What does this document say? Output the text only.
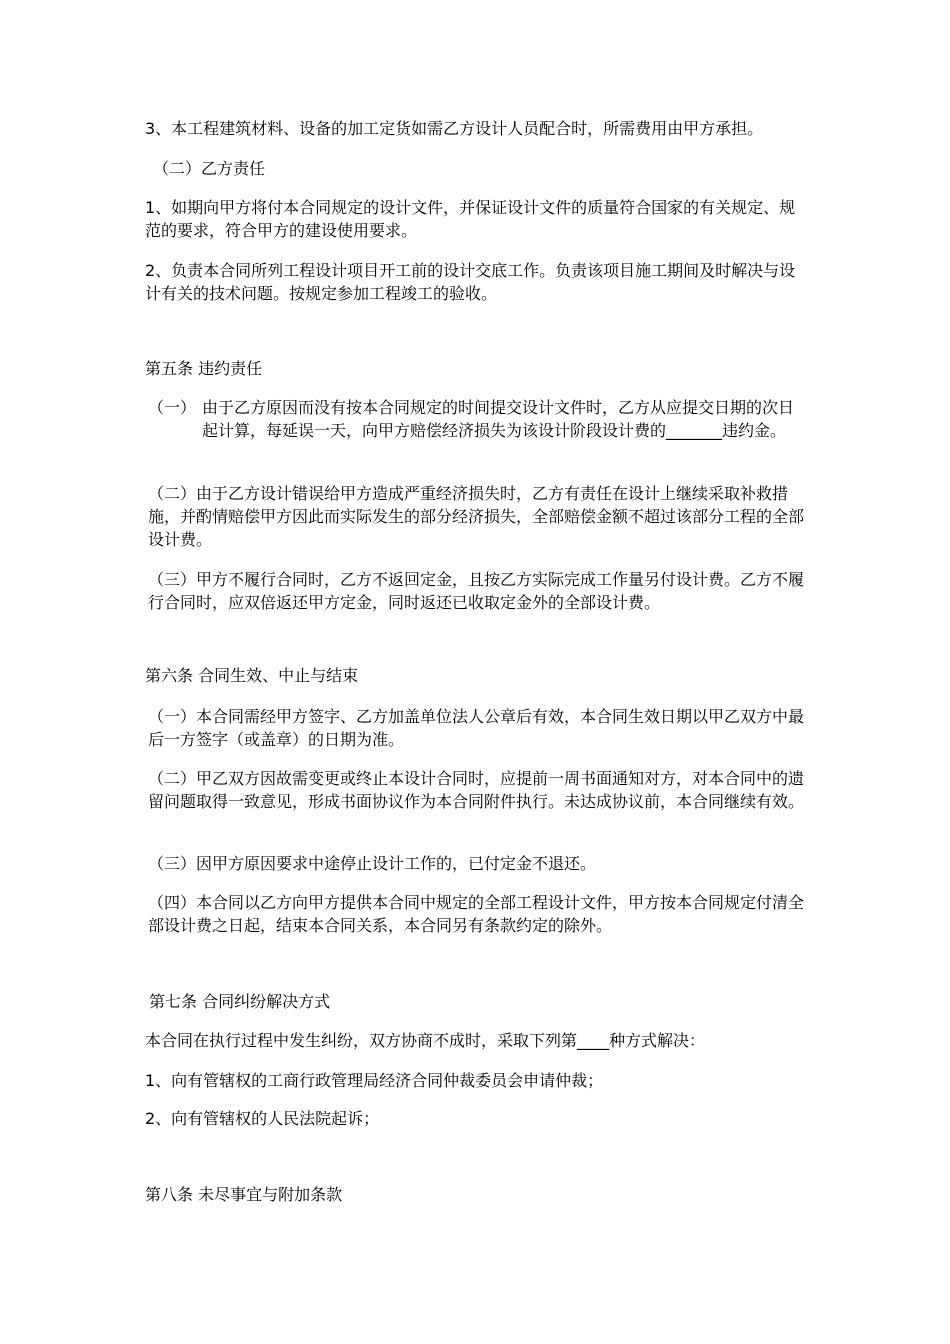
3、本工程建筑材料、设备的加工定货如需乙方设计人员配合时，所需费用由甲方承担。

（二）乙方责任

1、如期向甲方将付本合同规定的设计文件，并保证设计文件的质量符合国家的有关规定、规范的要求，符合甲方的建设使用要求。

2、负责本合同所列工程设计项目开工前的设计交底工作。负责该项目施工期间及时解决与设计有关的技术问题。按规定参加工程竣工的验收。

第五条 违约责任

（一） 由于乙方原因而没有按本合同规定的时间提交设计文件时，乙方从应提交日期的次日起计算，每延误一天，向甲方赔偿经济损失为该设计阶段设计费的_______违约金。

（二）由于乙方设计错误给甲方造成严重经济损失时，乙方有责任在设计上继续采取补救措施，并酌情赔偿甲方因此而实际发生的部分经济损失，全部赔偿金额不超过该部分工程的全部设计费。

（三）甲方不履行合同时，乙方不返回定金，且按乙方实际完成工作量另付设计费。乙方不履行合同时，应双倍返还甲方定金，同时返还已收取定金外的全部设计费。

第六条 合同生效、中止与结束

（一）本合同需经甲方签字、乙方加盖单位法人公章后有效，本合同生效日期以甲乙双方中最后一方签字（或盖章）的日期为准。

（二）甲乙双方因故需变更或终止本设计合同时，应提前一周书面通知对方，对本合同中的遗留问题取得一致意见，形成书面协议作为本合同附件执行。未达成协议前，本合同继续有效。

（三）因甲方原因要求中途停止设计工作的，已付定金不退还。

（四）本合同以乙方向甲方提供本合同中规定的全部工程设计文件，甲方按本合同规定付清全部设计费之日起，结束本合同关系，本合同另有条款约定的除外。

第七条 合同纠纷解决方式

本合同在执行过程中发生纠纷，双方协商不成时，采取下列第____种方式解决：

1、向有管辖权的工商行政管理局经济合同仲裁委员会申请仲裁；

2、向有管辖权的人民法院起诉；

第八条 未尽事宜与附加条款
